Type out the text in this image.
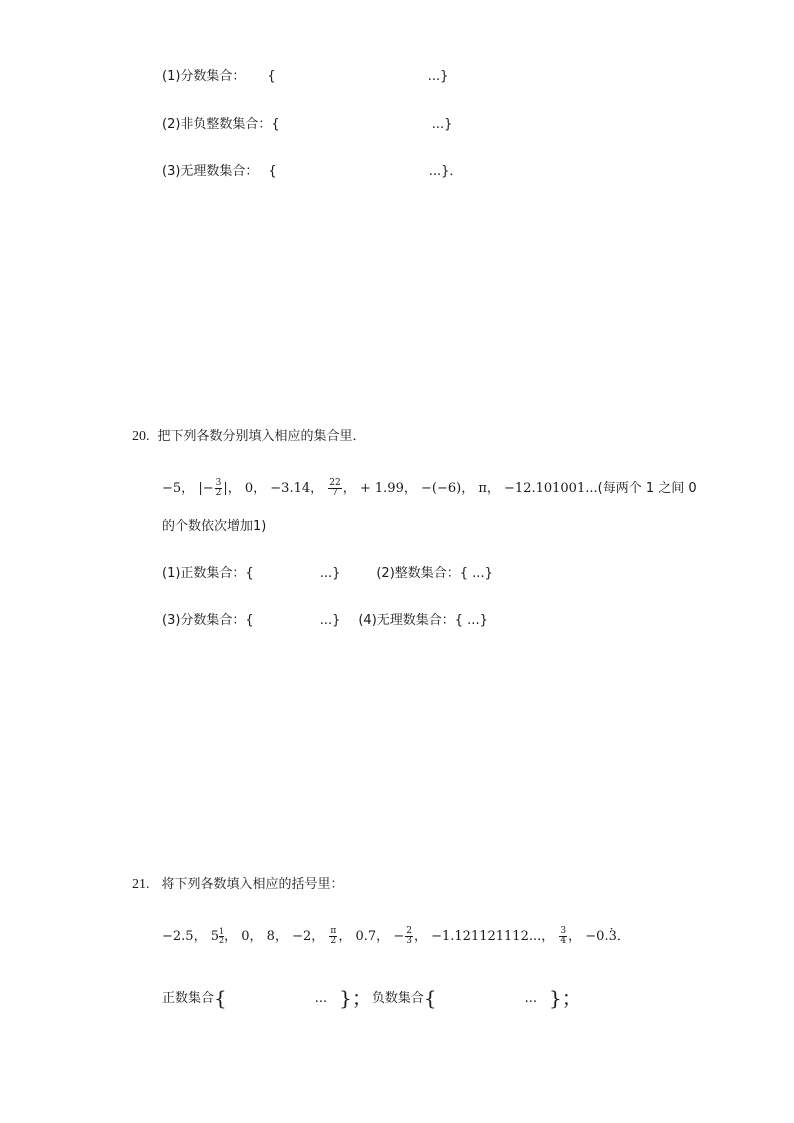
(1)分数集合： {	...}
(2)非负整数集合：{	...}
(3)无理数集合： {	...}．
20. 把下列各数分别填入相应的集合里．
−5， |− $\frac{3}{2}$ |， 0， −3.14， $\frac{22}{7}$ ， + 1.99， −(−6)， π， −12.101001...(每两个 1 之间 0
的个数依次增加1)
(1)正数集合：{	...}	(2)整数集合：{ ...}
(3)分数集合：{	...} (4)无理数集合：{ ...}
21. 将下列各数填入相应的括号里：
−2.5， $5 \frac{1}{2}$ ， 0， 8， −2， $\frac{\pi}{2}$ ， 0.7， − $\frac{2}{3}$ ， −1.121121112...， $\frac{3}{4}$ ， −0.· 3．
正数集合{	... }；负数集合{	... }；
